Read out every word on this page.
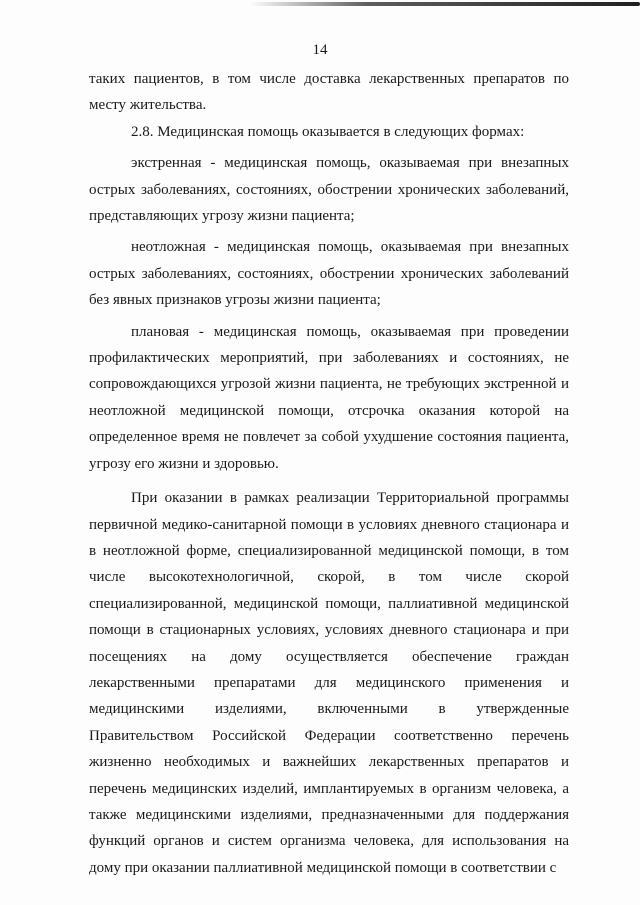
14

таких пациентов, в том числе доставка лекарственных препаратов по месту жительства.

2.8. Медицинская помощь оказывается в следующих формах:

экстренная - медицинская помощь, оказываемая при внезапных острых заболеваниях, состояниях, обострении хронических заболеваний, представляющих угрозу жизни пациента;

неотложная - медицинская помощь, оказываемая при внезапных острых заболеваниях, состояниях, обострении хронических заболеваний без явных признаков угрозы жизни пациента;

плановая - медицинская помощь, оказываемая при проведении профилактических мероприятий, при заболеваниях и состояниях, не сопровождающихся угрозой жизни пациента, не требующих экстренной и неотложной медицинской помощи, отсрочка оказания которой на определенное время не повлечет за собой ухудшение состояния пациента, угрозу его жизни и здоровью.

При оказании в рамках реализации Территориальной программы первичной медико-санитарной помощи в условиях дневного стационара и в неотложной форме, специализированной медицинской помощи, в том числе высокотехнологичной, скорой, в том числе скорой специализированной, медицинской помощи, паллиативной медицинской помощи в стационарных условиях, условиях дневного стационара и при посещениях на дому осуществляется обеспечение граждан лекарственными препаратами для медицинского применения и медицинскими изделиями, включенными в утвержденные Правительством Российской Федерации соответственно перечень жизненно необходимых и важнейших лекарственных препаратов и перечень медицинских изделий, имплантируемых в организм человека, а также медицинскими изделиями, предназначенными для поддержания функций органов и систем организма человека, для использования на дому при оказании паллиативной медицинской помощи в соответствии с
